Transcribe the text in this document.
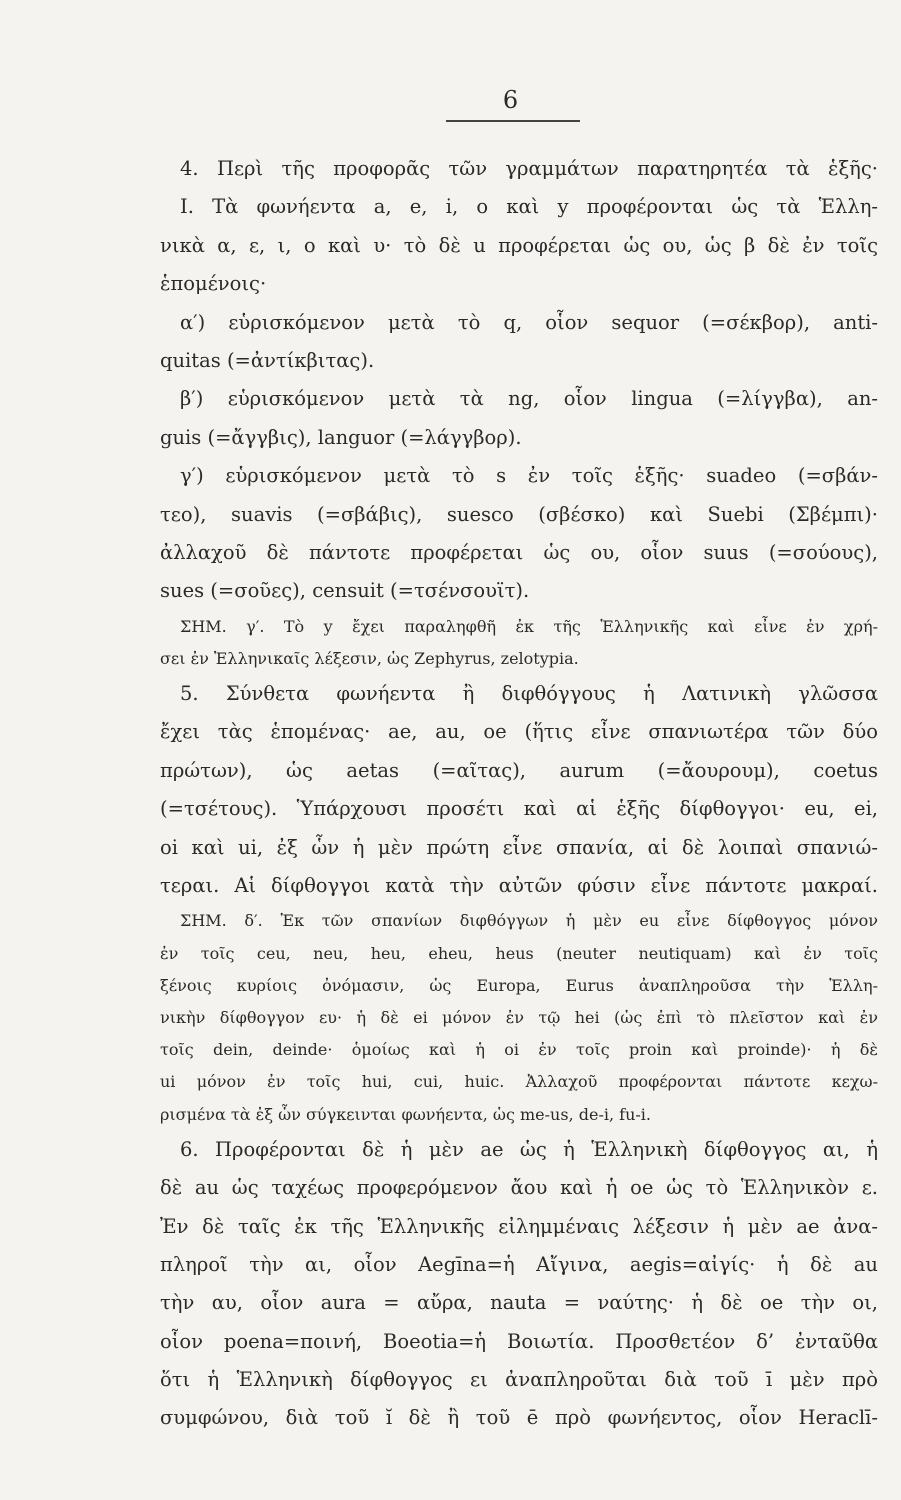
6
4. Περὶ τῆς προφορᾶς τῶν γραμμάτων παρατηρητέα τὰ ἑξῆς·
I. Τὰ φωνήεντα a, e, i, o καὶ y προφέρονται ὡς τὰ Ἑλλη-
νικὰ α, ε, ι, ο καὶ υ· τὸ δὲ u προφέρεται ὡς ου, ὡς β δὲ ἐν τοῖς
ἑπομένοις·
α′) εὑρισκόμενον μετὰ τὸ q, οἷον sequor (=σέκβορ), anti-
quitas (=ἀντίκβιτας).
β′) εὑρισκόμενον μετὰ τὰ ng, οἷον lingua (=λίγγβα), an-
guis (=ἄγγβις), languor (=λάγγβορ).
γ′) εὑρισκόμενον μετὰ τὸ s ἐν τοῖς ἑξῆς· suadeo (=σβάν-
τεο), suavis (=σβάβις), suesco (σβέσκο) καὶ Suebi (Σβέμπι)·
ἀλλαχοῦ δὲ πάντοτε προφέρεται ὡς ου, οἷον suus (=σούους),
sues (=σοῦες), censuit (=τσένσουϊτ).
ΣΗΜ. γ′. Τὸ y ἔχει παραληφθῆ ἐκ τῆς Ἑλληνικῆς καὶ εἶνε ἐν χρή-
σει ἐν Ἑλληνικαῖς λέξεσιν, ὡς Zephyrus, zelotypia.
5. Σύνθετα φωνήεντα ἢ διφθόγγους ἡ Λατινικὴ γλῶσσα
ἔχει τὰς ἑπομένας· ae, au, oe (ἥτις εἶνε σπανιωτέρα τῶν δύο
πρώτων), ὡς aetas (=αῖτας), aurum (=ἄουρουμ), coetus
(=τσέτους). Ὑπάρχουσι προσέτι καὶ αἱ ἑξῆς δίφθογγοι· eu, ei,
oi καὶ ui, ἐξ ὧν ἡ μὲν πρώτη εἶνε σπανία, αἱ δὲ λοιπαὶ σπανιώ-
τεραι. Αἱ δίφθογγοι κατὰ τὴν αὐτῶν φύσιν εἶνε πάντοτε μακραί.
ΣΗΜ. δ′. Ἐκ τῶν σπανίων διφθόγγων ἡ μὲν eu εἶνε δίφθογγος μόνον
ἐν τοῖς ceu, neu, heu, eheu, heus (neuter neutiquam) καὶ ἐν τοῖς
ξένοις κυρίοις ὀνόμασιν, ὡς Europa, Eurus ἀναπληροῦσα τὴν Ἑλλη-
νικὴν δίφθογγον ευ· ἡ δὲ ei μόνον ἐν τῷ hei (ὡς ἐπὶ τὸ πλεῖστον καὶ ἐν
τοῖς dein, deinde· ὁμοίως καὶ ἡ oi ἐν τοῖς proin καὶ proinde)· ἡ δὲ
ui μόνον ἐν τοῖς hui, cui, huic. Ἀλλαχοῦ προφέρονται πάντοτε κεχω-
ρισμένα τὰ ἐξ ὧν σύγκεινται φωνήεντα, ὡς me-us, de-i, fu-i.
6. Προφέρονται δὲ ἡ μὲν ae ὡς ἡ Ἑλληνικὴ δίφθογγος αι, ἡ
δὲ au ὡς ταχέως προφερόμενον ἄου καὶ ἡ oe ὡς τὸ Ἑλληνικὸν ε.
Ἐν δὲ ταῖς ἐκ τῆς Ἑλληνικῆς εἰλημμέναις λέξεσιν ἡ μὲν ae ἀνα-
πληροῖ τὴν αι, οἷον Aegīna=ἡ Αἴγινα, aegis=αἰγίς· ἡ δὲ au
τὴν αυ, οἷον aura = αὔρα, nauta = ναύτης· ἡ δὲ oe τὴν οι,
οἷον poena=ποινή, Boeotia=ἡ Βοιωτία. Προσθετέον δ’ ἐνταῦθα
ὅτι ἡ Ἑλληνικὴ δίφθογγος ει ἀναπληροῦται διὰ τοῦ ī μὲν πρὸ
συμφώνου, διὰ τοῦ ĭ δὲ ἢ τοῦ ē πρὸ φωνήεντος, οἷον Heraclī-
